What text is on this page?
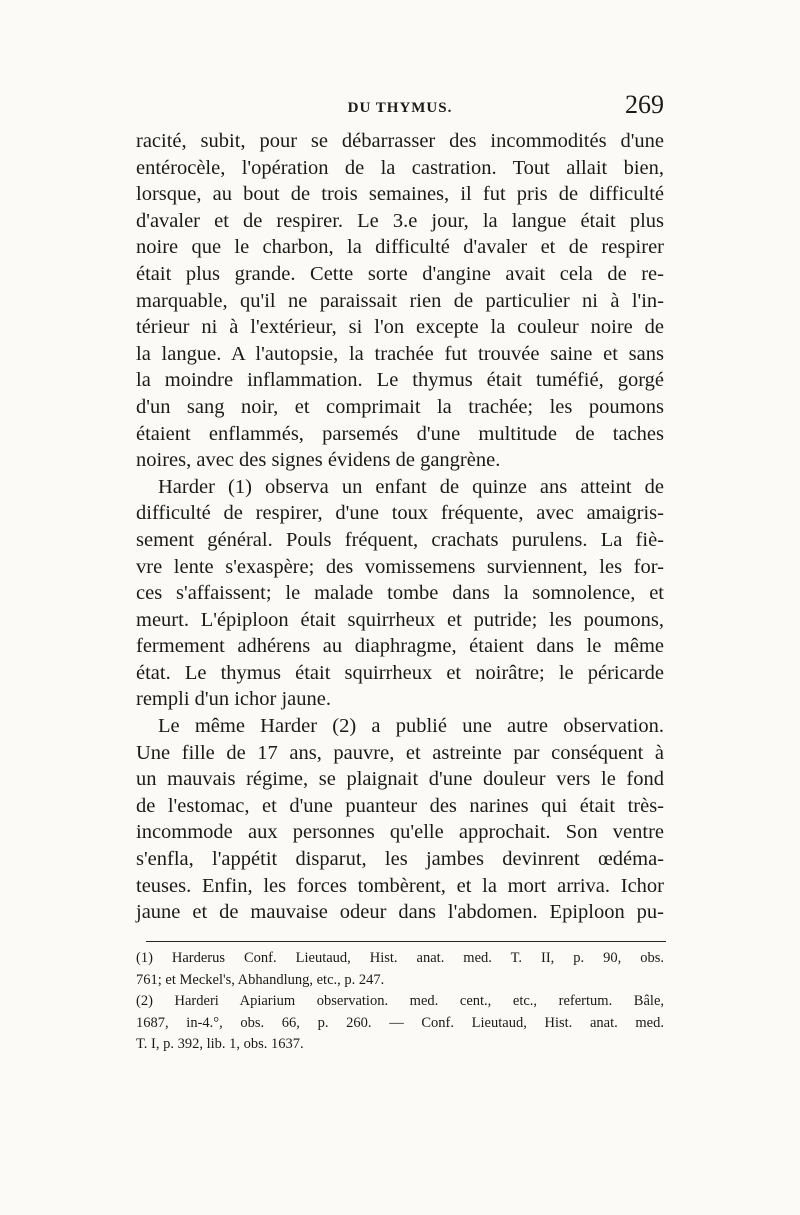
DU THYMUS.	269
racité, subit, pour se débarrasser des incommodités d'une
entérocèle, l'opération de la castration. Tout allait bien,
lorsque, au bout de trois semaines, il fut pris de difficulté
d'avaler et de respirer. Le 3.e jour, la langue était plus
noire que le charbon, la difficulté d'avaler et de respirer
était plus grande. Cette sorte d'angine avait cela de re-
marquable, qu'il ne paraissait rien de particulier ni à l'in-
térieur ni à l'extérieur, si l'on excepte la couleur noire de
la langue. A l'autopsie, la trachée fut trouvée saine et sans
la moindre inflammation. Le thymus était tuméfié, gorgé
d'un sang noir, et comprimait la trachée; les poumons
étaient enflammés, parsemés d'une multitude de taches
noires, avec des signes évidens de gangrène.
Harder (1) observa un enfant de quinze ans atteint de
difficulté de respirer, d'une toux fréquente, avec amaigris-
sement général. Pouls fréquent, crachats purulens. La fiè-
vre lente s'exaspère; des vomissemens surviennent, les for-
ces s'affaissent; le malade tombe dans la somnolence, et
meurt. L'épiploon était squirrheux et putride; les poumons,
fermement adhérens au diaphragme, étaient dans le même
état. Le thymus était squirrheux et noirâtre; le péricarde
rempli d'un ichor jaune.
Le même Harder (2) a publié une autre observation.
Une fille de 17 ans, pauvre, et astreinte par conséquent à
un mauvais régime, se plaignait d'une douleur vers le fond
de l'estomac, et d'une puanteur des narines qui était très-
incommode aux personnes qu'elle approchait. Son ventre
s'enfla, l'appétit disparut, les jambes devinrent œdéma-
teuses. Enfin, les forces tombèrent, et la mort arriva. Ichor
jaune et de mauvaise odeur dans l'abdomen. Epiploon pu-
(1) Harderus Conf. Lieutaud, Hist. anat. med. T. II, p. 90, obs.
761; et Meckel's, Abhandlung, etc., p. 247.
(2) Harderi Apiarium observation. med. cent., etc., refertum. Bâle,
1687, in-4.°, obs. 66, p. 260. — Conf. Lieutaud, Hist. anat. med.
T. I, p. 392, lib. 1, obs. 1637.
